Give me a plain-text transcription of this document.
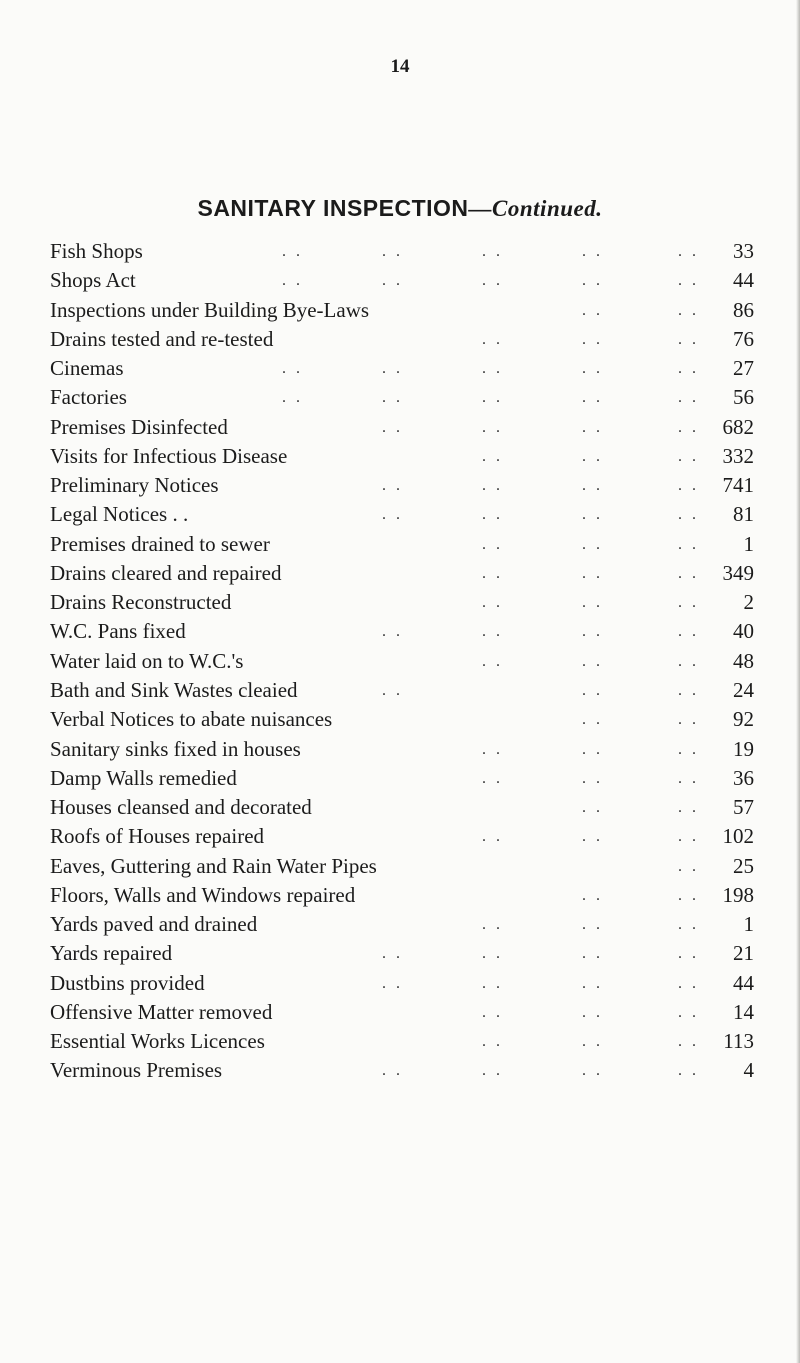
14
SANITARY INSPECTION—Continued.
. .	. .	. .	. .	. .
Fish Shops	33
. .	. .	. .	. .	. .
Shops Act	44
. .	. .
Inspections under Building Bye-Laws	86
. .	. .	. .
Drains tested and re-tested	76
. .	. .	. .	. .	. .
Cinemas	27
. .	. .	. .	. .	. .
Factories	56
. .	. .	. .	. .
Premises Disinfected	682
. .	. .	. .
Visits for Infectious Disease	332
. .	. .	. .	. .
Preliminary Notices	741
. .	. .	. .	. .
Legal Notices . .	81
. .	. .	. .
Premises drained to sewer	1
. .	. .	. .
Drains cleared and repaired	349
. .	. .	. .
Drains Reconstructed	2
. .	. .	. .	. .
W.C. Pans fixed	40
. .	. .	. .
Water laid on to W.C.'s	48
. .	. .	. .
Bath and Sink Wastes cleaied	24
. .	. .
Verbal Notices to abate nuisances	92
. .	. .	. .
Sanitary sinks fixed in houses	19
. .	. .	. .
Damp Walls remedied	36
. .	. .
Houses cleansed and decorated	57
. .	. .	. .
Roofs of Houses repaired	102
. .
Eaves, Guttering and Rain Water Pipes	25
. .	. .
Floors, Walls and Windows repaired	198
. .	. .	. .
Yards paved and drained	1
. .	. .	. .	. .
Yards repaired	21
. .	. .	. .	. .
Dustbins provided	44
. .	. .	. .
Offensive Matter removed	14
. .	. .	. .
Essential Works Licences	113
. .	. .	. .	. .
Verminous Premises	4
